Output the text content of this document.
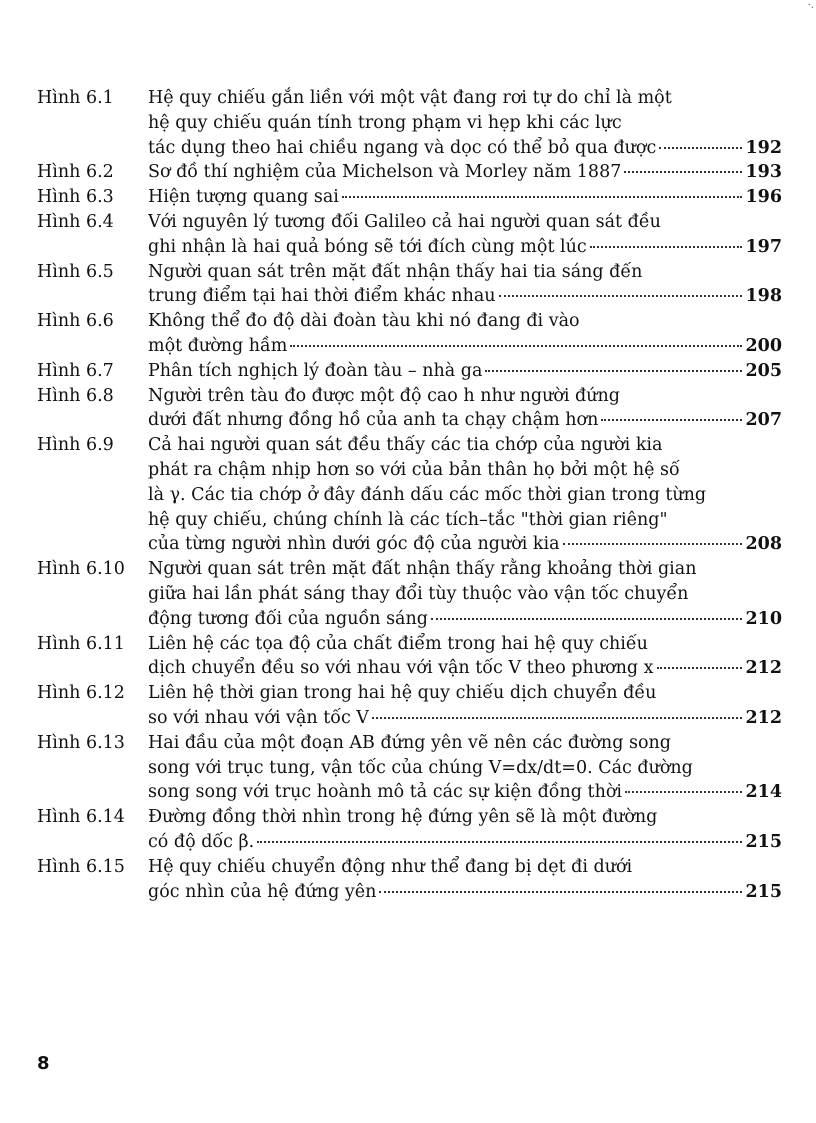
·.
Hình 6.1	Hệ quy chiếu gắn liền với một vật đang rơi tự do chỉ là một
hệ quy chiếu quán tính trong phạm vi hẹp khi các lực
tác dụng theo hai chiều ngang và dọc có thể bỏ qua được	192
Hình 6.2	Sơ đồ thí nghiệm của Michelson và Morley năm 1887	193
Hình 6.3	Hiện tượng quang sai	196
Hình 6.4	Với nguyên lý tương đối Galileo cả hai người quan sát đều
ghi nhận là hai quả bóng sẽ tới đích cùng một lúc	197
Hình 6.5	Người quan sát trên mặt đất nhận thấy hai tia sáng đến
trung điểm tại hai thời điểm khác nhau	198
Hình 6.6	Không thể đo độ dài đoàn tàu khi nó đang đi vào
một đường hầm	200
Hình 6.7	Phân tích nghịch lý đoàn tàu – nhà ga	205
Hình 6.8	Người trên tàu đo được một độ cao h như người đứng
dưới đất nhưng đồng hồ của anh ta chạy chậm hơn	207
Hình 6.9	Cả hai người quan sát đều thấy các tia chớp của người kia
phát ra chậm nhịp hơn so với của bản thân họ bởi một hệ số
là γ. Các tia chớp ở đây đánh dấu các mốc thời gian trong từng
hệ quy chiếu, chúng chính là các tích–tắc "thời gian riêng"
của từng người nhìn dưới góc độ của người kia	208
Hình 6.10	Người quan sát trên mặt đất nhận thấy rằng khoảng thời gian
giữa hai lần phát sáng thay đổi tùy thuộc vào vận tốc chuyển
động tương đối của nguồn sáng	210
Hình 6.11	Liên hệ các tọa độ của chất điểm trong hai hệ quy chiếu
dịch chuyển đều so với nhau với vận tốc V theo phương x	212
Hình 6.12	Liên hệ thời gian trong hai hệ quy chiếu dịch chuyển đều
so với nhau với vận tốc V	212
Hình 6.13	Hai đầu của một đoạn AB đứng yên vẽ nên các đường song
song với trục tung, vận tốc của chúng V=dx/dt=0. Các đường
song song với trục hoành mô tả các sự kiện đồng thời	214
Hình 6.14	Đường đồng thời nhìn trong hệ đứng yên sẽ là một đường
có độ dốc β.	215
Hình 6.15	Hệ quy chiếu chuyển động như thể đang bị dẹt đi dưới
góc nhìn của hệ đứng yên	215
8
